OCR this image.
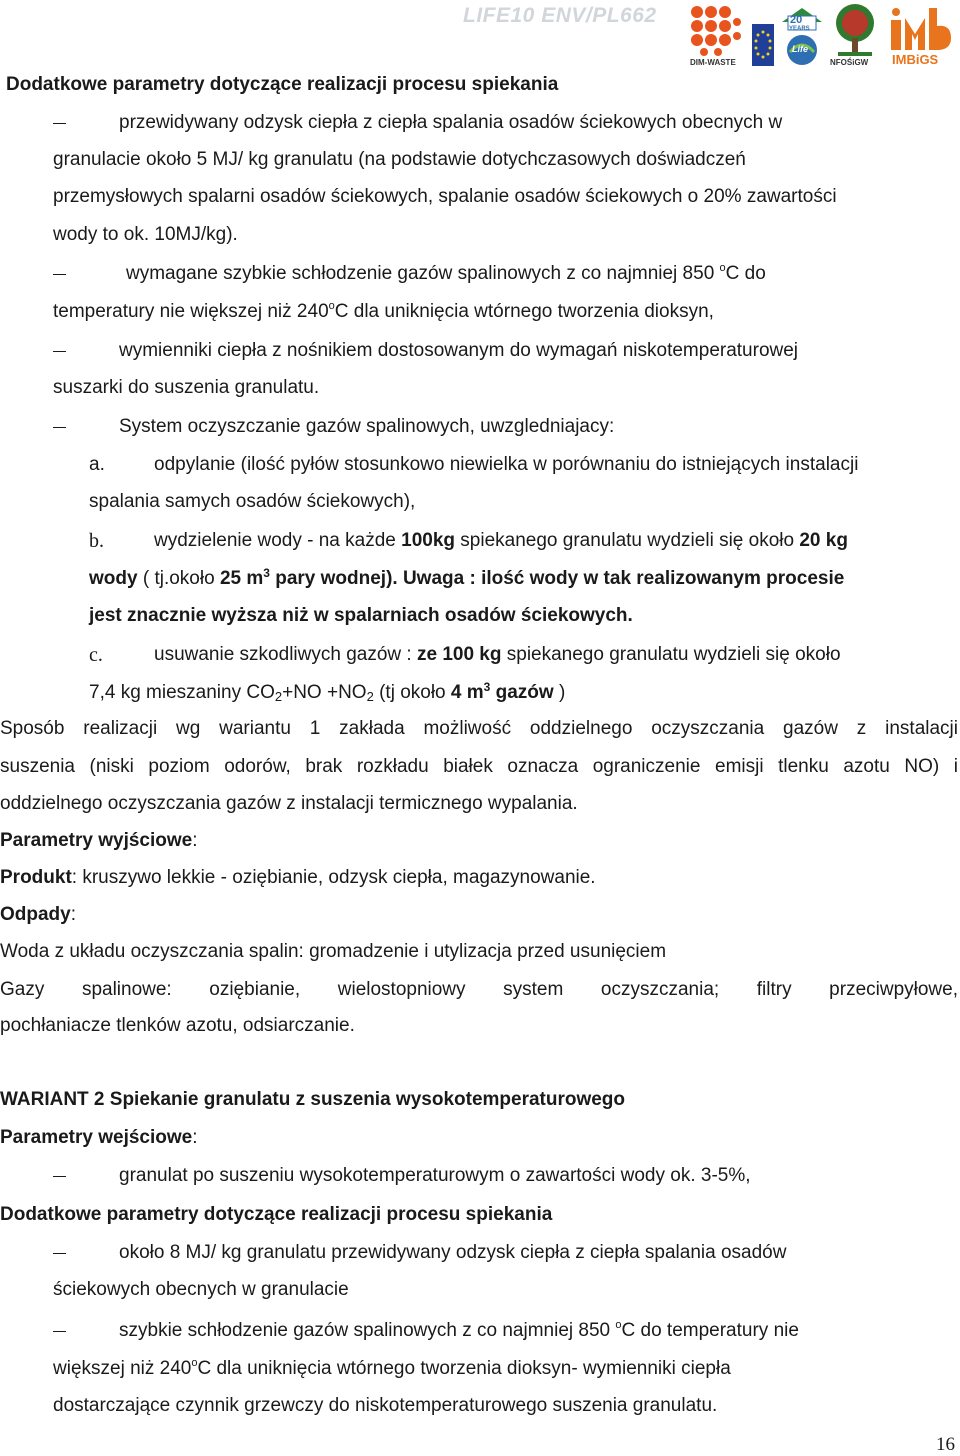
LIFE10 ENV/PL662
DIM-WASTE
20
YEARS
Life
NFOŚiGW IMBiGS
Dodatkowe parametry dotyczące realizacji procesu spiekania
przewidywany odzysk ciepła z ciepła spalania osadów ściekowych obecnych w
granulacie około 5 MJ/ kg granulatu (na podstawie dotychczasowych doświadczeń
przemysłowych spalarni osadów ściekowych, spalanie osadów ściekowych o 20% zawartości
wody to ok. 10MJ/kg).
wymagane szybkie schłodzenie gazów spalinowych z co najmniej 850 $^o$C do
temperatury nie większej niż 240$^o$C dla uniknięcia wtórnego tworzenia dioksyn,
wymienniki ciepła z nośnikiem dostosowanym do wymagań niskotemperaturowej
suszarki do suszenia granulatu.
System oczyszczanie gazów spalinowych, uwzgledniajacy:
a.	odpylanie (ilość pyłów stosunkowo niewielka w porównaniu do istniejących instalacji
spalania samych osadów ściekowych),
b.	wydzielenie wody - na każde 100kg spiekanego granulatu wydzieli się około 20 kg
wody ( tj.około 25 $m^3$ pary wodnej). Uwaga : ilość wody w tak realizowanym procesie
jest znacznie wyższa niż w spalarniach osadów ściekowych.
c.	usuwanie szkodliwych gazów : ze 100 kg spiekanego granulatu wydzieli się około
7,4 kg mieszaniny $CO_2+NO +NO_2$ (tj około 4 $m^3$ gazów )
Sposób realizacji wg wariantu 1 zakłada możliwość oddzielnego oczyszczania gazów z instalacji
suszenia (niski poziom odorów, brak rozkładu białek oznacza ograniczenie emisji tlenku azotu NO) i
oddzielnego oczyszczania gazów z instalacji termicznego wypalania.
Parametry wyjściowe:
Produkt: kruszywo lekkie - oziębianie, odzysk ciepła, magazynowanie.
Odpady:
Woda z układu oczyszczania spalin: gromadzenie i utylizacja przed usunięciem
Gazy spalinowe: oziębianie, wielostopniowy system oczyszczania; filtry przeciwpyłowe,
pochłaniacze tlenków azotu, odsiarczanie.
WARIANT 2 Spiekanie granulatu z suszenia wysokotemperaturowego
Parametry wejściowe:
granulat po suszeniu wysokotemperaturowym o zawartości wody ok. 3-5%,
Dodatkowe parametry dotyczące realizacji procesu spiekania
około 8 MJ/ kg granulatu przewidywany odzysk ciepła z ciepła spalania osadów
ściekowych obecnych w granulacie
szybkie schłodzenie gazów spalinowych z co najmniej 850 $^o$C do temperatury nie
większej niż 240$^o$C dla uniknięcia wtórnego tworzenia dioksyn- wymienniki ciepła
dostarczające czynnik grzewczy do niskotemperaturowego suszenia granulatu.
16
